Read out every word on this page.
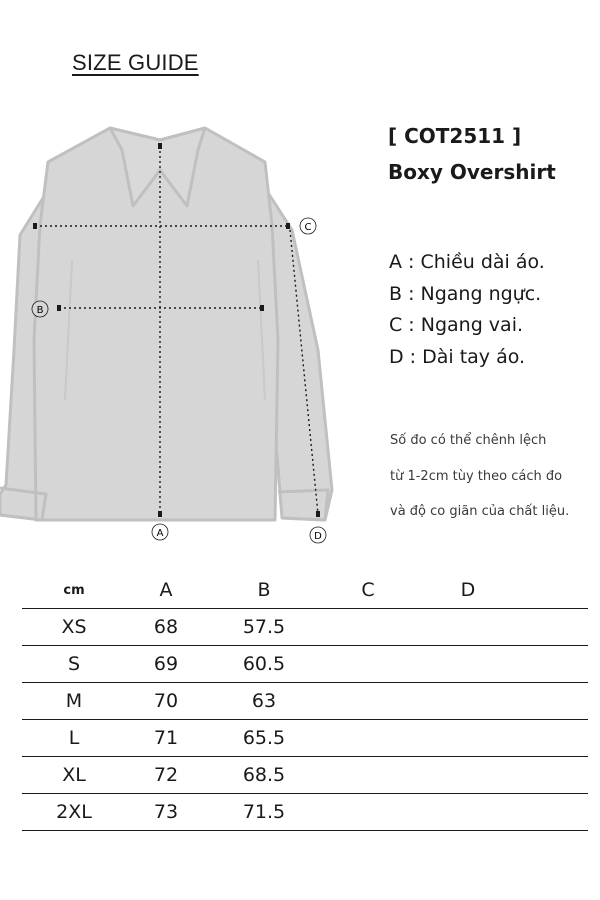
SIZE GUIDE
[ COT2511 ]
Boxy Overshirt
A : Chiều dài áo.
B : Ngang ngực.
C : Ngang vai.
D : Dài tay áo.
Số đo có thể chênh lệch
từ 1-2cm tùy theo cách đo
và độ co giãn của chất liệu.
A
B
C
D
cm	A	B	C	D	
XS	68	57.5			
S	69	60.5			
M	70	63			
L	71	65.5			
XL	72	68.5			
2XL	73	71.5			
